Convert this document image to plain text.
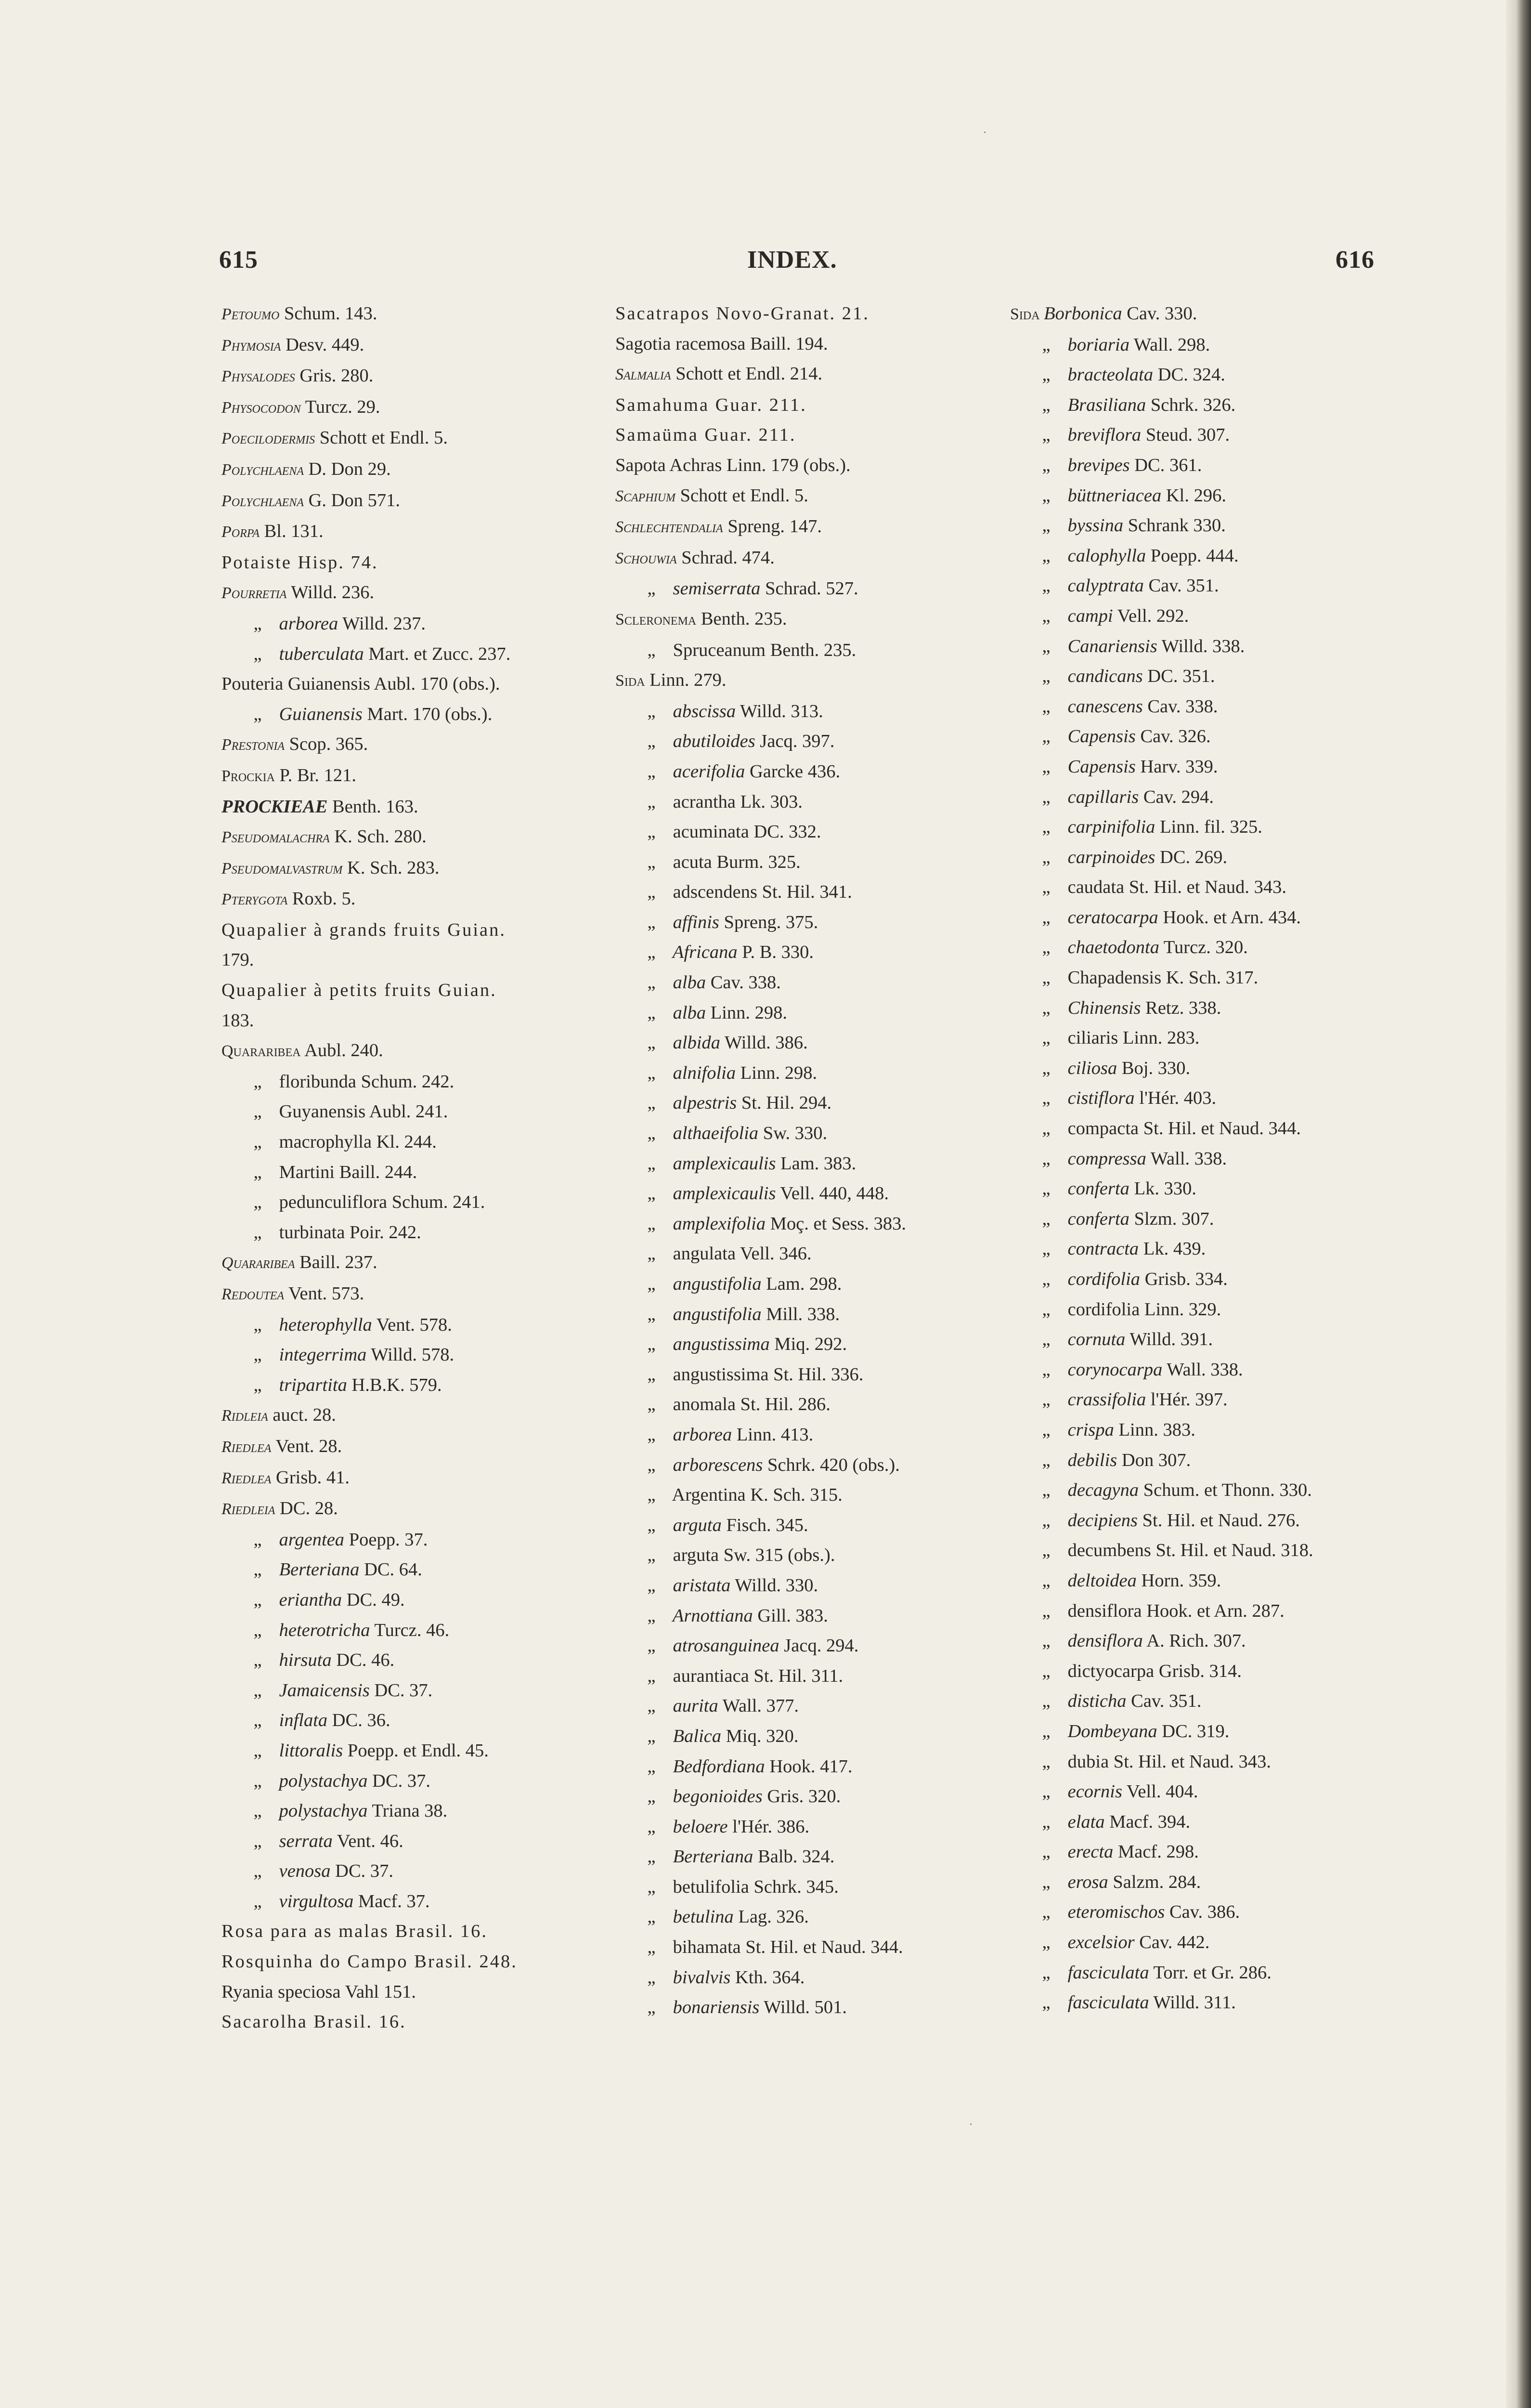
615	INDEX.	616
Petoumo Schum. 143.
Phymosia Desv. 449.
Physalodes Gris. 280.
Physocodon Turcz. 29.
Poecilodermis Schott et Endl. 5.
Polychlaena D. Don 29.
Polychlaena G. Don 571.
Porpa Bl. 131.
Potaiste Hisp. 74.
Pourretia Willd. 236.
„ arborea Willd. 237.
„ tuberculata Mart. et Zucc. 237.
Pouteria Guianensis Aubl. 170 (obs.).
„ Guianensis Mart. 170 (obs.).
Prestonia Scop. 365.
Prockia P. Br. 121.
PROCKIEAE Benth. 163.
Pseudomalachra K. Sch. 280.
Pseudomalvastrum K. Sch. 283.
Pterygota Roxb. 5.
Quapalier à grands fruits Guian.
179.
Quapalier à petits fruits Guian.
183.
Quararibea Aubl. 240.
„ floribunda Schum. 242.
„ Guyanensis Aubl. 241.
„ macrophylla Kl. 244.
„ Martini Baill. 244.
„ pedunculiflora Schum. 241.
„ turbinata Poir. 242.
Quararibea Baill. 237.
Redoutea Vent. 573.
„ heterophylla Vent. 578.
„ integerrima Willd. 578.
„ tripartita H.B.K. 579.
Ridleia auct. 28.
Riedlea Vent. 28.
Riedlea Grisb. 41.
Riedleia DC. 28.
„ argentea Poepp. 37.
„ Berteriana DC. 64.
„ eriantha DC. 49.
„ heterotricha Turcz. 46.
„ hirsuta DC. 46.
„ Jamaicensis DC. 37.
„ inflata DC. 36.
„ littoralis Poepp. et Endl. 45.
„ polystachya DC. 37.
„ polystachya Triana 38.
„ serrata Vent. 46.
„ venosa DC. 37.
„ virgultosa Macf. 37.
Rosa para as malas Brasil. 16.
Rosquinha do Campo Brasil. 248.
Ryania speciosa Vahl 151.
Sacarolha Brasil. 16.
Sacatrapos Novo-Granat. 21.
Sagotia racemosa Baill. 194.
Salmalia Schott et Endl. 214.
Samahuma Guar. 211.
Samaüma Guar. 211.
Sapota Achras Linn. 179 (obs.).
Scaphium Schott et Endl. 5.
Schlechtendalia Spreng. 147.
Schouwia Schrad. 474.
„ semiserrata Schrad. 527.
Scleronema Benth. 235.
„ Spruceanum Benth. 235.
Sida Linn. 279.
„ abscissa Willd. 313.
„ abutiloides Jacq. 397.
„ acerifolia Garcke 436.
„ acrantha Lk. 303.
„ acuminata DC. 332.
„ acuta Burm. 325.
„ adscendens St. Hil. 341.
„ affinis Spreng. 375.
„ Africana P. B. 330.
„ alba Cav. 338.
„ alba Linn. 298.
„ albida Willd. 386.
„ alnifolia Linn. 298.
„ alpestris St. Hil. 294.
„ althaeifolia Sw. 330.
„ amplexicaulis Lam. 383.
„ amplexicaulis Vell. 440, 448.
„ amplexifolia Moç. et Sess. 383.
„ angulata Vell. 346.
„ angustifolia Lam. 298.
„ angustifolia Mill. 338.
„ angustissima Miq. 292.
„ angustissima St. Hil. 336.
„ anomala St. Hil. 286.
„ arborea Linn. 413.
„ arborescens Schrk. 420 (obs.).
„ Argentina K. Sch. 315.
„ arguta Fisch. 345.
„ arguta Sw. 315 (obs.).
„ aristata Willd. 330.
„ Arnottiana Gill. 383.
„ atrosanguinea Jacq. 294.
„ aurantiaca St. Hil. 311.
„ aurita Wall. 377.
„ Balica Miq. 320.
„ Bedfordiana Hook. 417.
„ begonioides Gris. 320.
„ beloere l'Hér. 386.
„ Berteriana Balb. 324.
„ betulifolia Schrk. 345.
„ betulina Lag. 326.
„ bihamata St. Hil. et Naud. 344.
„ bivalvis Kth. 364.
„ bonariensis Willd. 501.
Sida Borbonica Cav. 330.
„ boriaria Wall. 298.
„ bracteolata DC. 324.
„ Brasiliana Schrk. 326.
„ breviflora Steud. 307.
„ brevipes DC. 361.
„ büttneriacea Kl. 296.
„ byssina Schrank 330.
„ calophylla Poepp. 444.
„ calyptrata Cav. 351.
„ campi Vell. 292.
„ Canariensis Willd. 338.
„ candicans DC. 351.
„ canescens Cav. 338.
„ Capensis Cav. 326.
„ Capensis Harv. 339.
„ capillaris Cav. 294.
„ carpinifolia Linn. fil. 325.
„ carpinoides DC. 269.
„ caudata St. Hil. et Naud. 343.
„ ceratocarpa Hook. et Arn. 434.
„ chaetodonta Turcz. 320.
„ Chapadensis K. Sch. 317.
„ Chinensis Retz. 338.
„ ciliaris Linn. 283.
„ ciliosa Boj. 330.
„ cistiflora l'Hér. 403.
„ compacta St. Hil. et Naud. 344.
„ compressa Wall. 338.
„ conferta Lk. 330.
„ conferta Slzm. 307.
„ contracta Lk. 439.
„ cordifolia Grisb. 334.
„ cordifolia Linn. 329.
„ cornuta Willd. 391.
„ corynocarpa Wall. 338.
„ crassifolia l'Hér. 397.
„ crispa Linn. 383.
„ debilis Don 307.
„ decagyna Schum. et Thonn. 330.
„ decipiens St. Hil. et Naud. 276.
„ decumbens St. Hil. et Naud. 318.
„ deltoidea Horn. 359.
„ densiflora Hook. et Arn. 287.
„ densiflora A. Rich. 307.
„ dictyocarpa Grisb. 314.
„ disticha Cav. 351.
„ Dombeyana DC. 319.
„ dubia St. Hil. et Naud. 343.
„ ecornis Vell. 404.
„ elata Macf. 394.
„ erecta Macf. 298.
„ erosa Salzm. 284.
„ eteromischos Cav. 386.
„ excelsior Cav. 442.
„ fasciculata Torr. et Gr. 286.
„ fasciculata Willd. 311.
·
·
